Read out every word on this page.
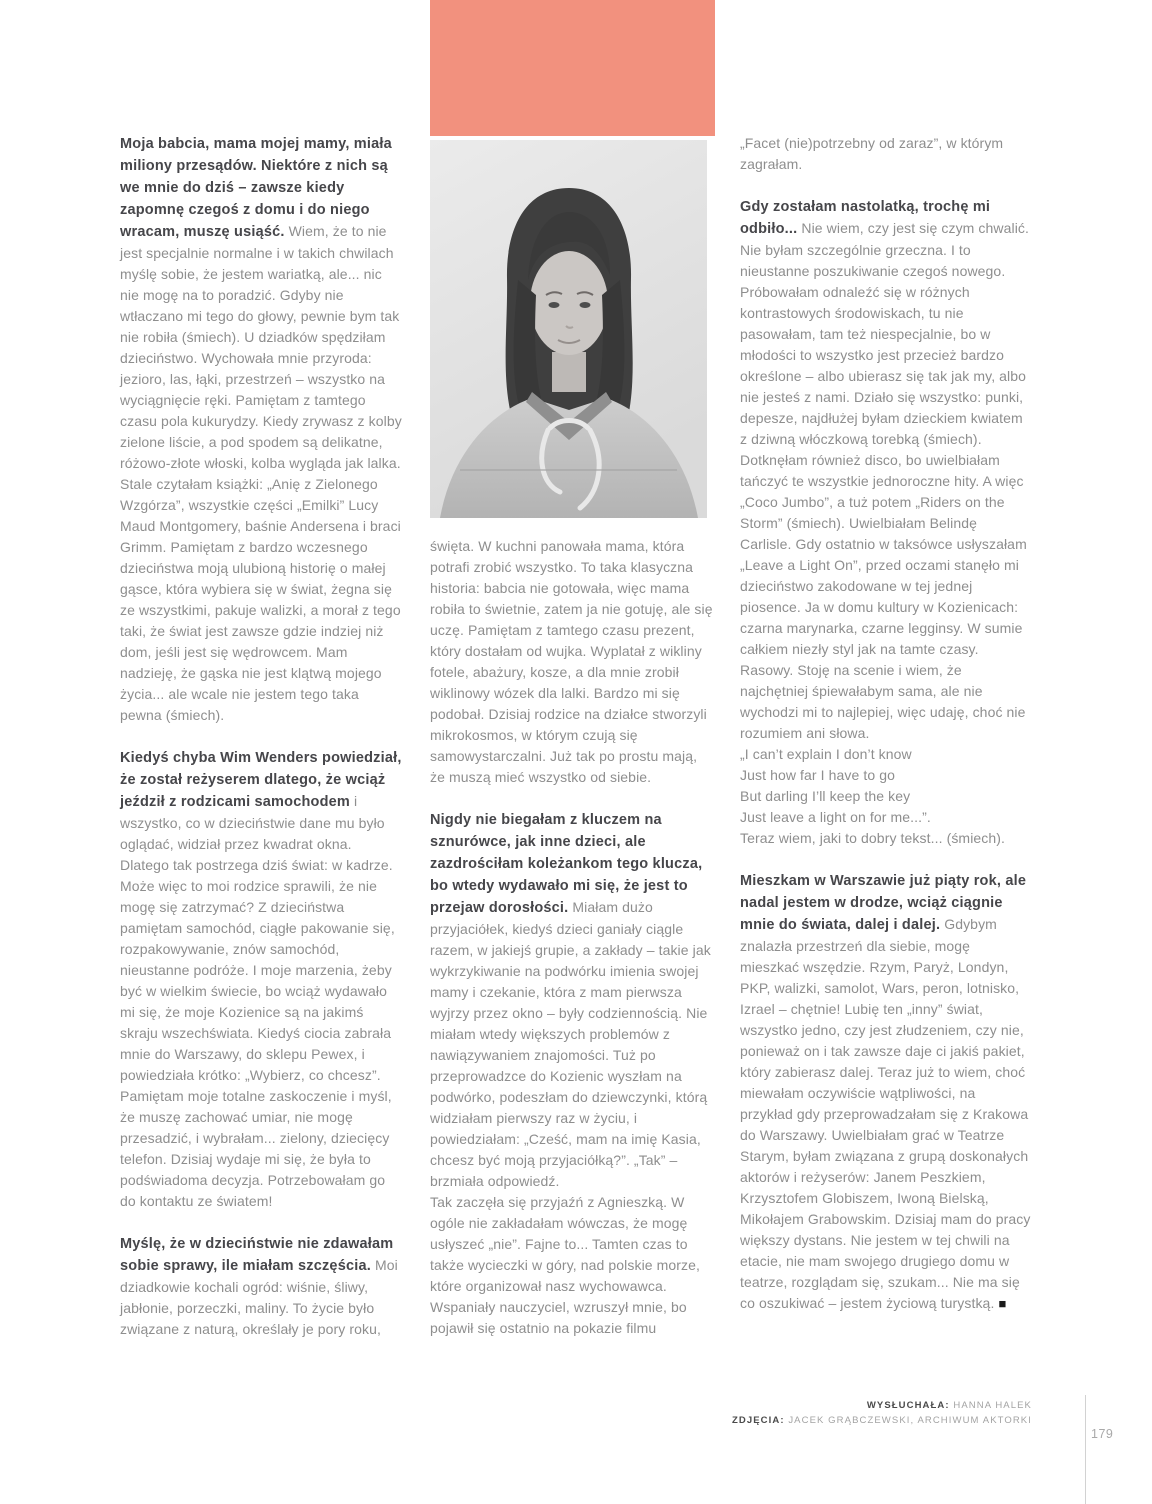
Moja babcia, mama mojej mamy, miała miliony przesądów. Niektóre z nich są we mnie do dziś – zawsze kiedy zapomnę czegoś z domu i do niego wracam, muszę usiąść. Wiem, że to nie jest specjalnie normalne i w takich chwilach myślę sobie, że jestem wariatką, ale... nic nie mogę na to poradzić. Gdyby nie wtłaczano mi tego do głowy, pewnie bym tak nie robiła (śmiech). U dziadków spędziłam dzieciństwo. Wychowała mnie przyroda: jezioro, las, łąki, przestrzeń – wszystko na wyciągnięcie ręki. Pamiętam z tamtego czasu pola kukurydzy. Kiedy zrywasz z kolby zielone liście, a pod spodem są delikatne, różowo-złote włoski, kolba wygląda jak lalka. Stale czytałam książki: „Anię z Zielonego Wzgórza”, wszystkie części „Emilki” Lucy Maud Montgomery, baśnie Andersena i braci Grimm. Pamiętam z bardzo wczesnego dzieciństwa moją ulubioną historię o małej gąsce, która wybiera się w świat, żegna się ze wszystkimi, pakuje walizki, a morał z tego taki, że świat jest zawsze gdzie indziej niż dom, jeśli jest się wędrowcem. Mam nadzieję, że gąska nie jest klątwą mojego życia... ale wcale nie jestem tego taka pewna (śmiech).

Kiedyś chyba Wim Wenders powiedział, że został reżyserem dlatego, że wciąż jeździł z rodzicami samochodem i wszystko, co w dzieciństwie dane mu było oglądać, widział przez kwadrat okna. Dlatego tak postrzega dziś świat: w kadrze. Może więc to moi rodzice sprawili, że nie mogę się zatrzymać? Z dzieciństwa pamiętam samochód, ciągłe pakowanie się, rozpakowywanie, znów samochód, nieustanne podróże. I moje marzenia, żeby być w wielkim świecie, bo wciąż wydawało mi się, że moje Kozienice są na jakimś skraju wszechświata. Kiedyś ciocia zabrała mnie do Warszawy, do sklepu Pewex, i powiedziała krótko: „Wybierz, co chcesz”. Pamiętam moje totalne zaskoczenie i myśl, że muszę zachować umiar, nie mogę przesadzić, i wybrałam... zielony, dziecięcy telefon. Dzisiaj wydaje mi się, że była to podświadoma decyzja. Potrzebowałam go do kontaktu ze światem!

Myślę, że w dzieciństwie nie zdawałam sobie sprawy, ile miałam szczęścia. Moi dziadkowie kochali ogród: wiśnie, śliwy, jabłonie, porzeczki, maliny. To życie było związane z naturą, określały je pory roku,

święta. W kuchni panowała mama, która potrafi zrobić wszystko. To taka klasyczna historia: babcia nie gotowała, więc mama robiła to świetnie, zatem ja nie gotuję, ale się uczę. Pamiętam z tamtego czasu prezent, który dostałam od wujka. Wyplatał z wikliny fotele, abażury, kosze, a dla mnie zrobił wiklinowy wózek dla lalki. Bardzo mi się podobał. Dzisiaj rodzice na działce stworzyli mikrokosmos, w którym czują się samowystarczalni. Już tak po prostu mają, że muszą mieć wszystko od siebie.

Nigdy nie biegałam z kluczem na sznurówce, jak inne dzieci, ale zazdrościłam koleżankom tego klucza, bo wtedy wydawało mi się, że jest to przejaw dorosłości. Miałam dużo przyjaciółek, kiedyś dzieci ganiały ciągle razem, w jakiejś grupie, a zakłady – takie jak wykrzykiwanie na podwórku imienia swojej mamy i czekanie, która z mam pierwsza wyjrzy przez okno – były codziennością. Nie miałam wtedy większych problemów z nawiązywaniem znajomości. Tuż po przeprowadzce do Kozienic wyszłam na podwórko, podeszłam do dziewczynki, którą widziałam pierwszy raz w życiu, i powiedziałam: „Cześć, mam na imię Kasia, chcesz być moją przyjaciółką?”. „Tak” – brzmiała odpowiedź.

Tak zaczęła się przyjaźń z Agnieszką. W ogóle nie zakładałam wówczas, że mogę usłyszeć „nie”. Fajne to... Tamten czas to także wycieczki w góry, nad polskie morze, które organizował nasz wychowawca. Wspaniały nauczyciel, wzruszył mnie, bo pojawił się ostatnio na pokazie filmu

„Facet (nie)potrzebny od zaraz”, w którym zagrałam.

Gdy zostałam nastolatką, trochę mi odbiło... Nie wiem, czy jest się czym chwalić. Nie byłam szczególnie grzeczna. I to nieustanne poszukiwanie czegoś nowego. Próbowałam odnaleźć się w różnych kontrastowych środowiskach, tu nie pasowałam, tam też niespecjalnie, bo w młodości to wszystko jest przecież bardzo określone – albo ubierasz się tak jak my, albo nie jesteś z nami. Działo się wszystko: punki, depesze, najdłużej byłam dzieckiem kwiatem z dziwną włóczkową torebką (śmiech). Dotknęłam również disco, bo uwielbiałam tańczyć te wszystkie jednoroczne hity. A więc „Coco Jumbo”, a tuż potem „Riders on the Storm” (śmiech). Uwielbiałam Belindę Carlisle. Gdy ostatnio w taksówce usłyszałam „Leave a Light On”, przed oczami stanęło mi dzieciństwo zakodowane w tej jednej piosence. Ja w domu kultury w Kozienicach: czarna marynarka, czarne legginsy. W sumie całkiem niezły styl jak na tamte czasy. Rasowy. Stoję na scenie i wiem, że najchętniej śpiewałabym sama, ale nie wychodzi mi to najlepiej, więc udaję, choć nie rozumiem ani słowa.

„I can’t explain I don’t know
Just how far I have to go
But darling I’ll keep the key
Just leave a light on for me...”.
Teraz wiem, jaki to dobry tekst... (śmiech).

Mieszkam w Warszawie już piąty rok, ale nadal jestem w drodze, wciąż ciągnie mnie do świata, dalej i dalej. Gdybym znalazła przestrzeń dla siebie, mogę mieszkać wszędzie. Rzym, Paryż, Londyn, PKP, walizki, samolot, Wars, peron, lotnisko, Izrael – chętnie! Lubię ten „inny” świat, wszystko jedno, czy jest złudzeniem, czy nie, ponieważ on i tak zawsze daje ci jakiś pakiet, który zabierasz dalej. Teraz już to wiem, choć miewałam oczywiście wątpliwości, na przykład gdy przeprowadzałam się z Krakowa do Warszawy. Uwielbiałam grać w Teatrze Starym, byłam związana z grupą doskonałych aktorów i reżyserów: Janem Peszkiem, Krzysztofem Globiszem, Iwoną Bielską, Mikołajem Grabowskim. Dzisiaj mam do pracy większy dystans. Nie jestem w tej chwili na etacie, nie mam swojego drugiego domu w teatrze, rozglądam się, szukam... Nie ma się co oszukiwać – jestem życiową turystką. ■

WYSŁUCHAŁA: HANNA HALEK
ZDJĘCIA: JACEK GRĄBCZEWSKI, ARCHIWUM AKTORKI
179
